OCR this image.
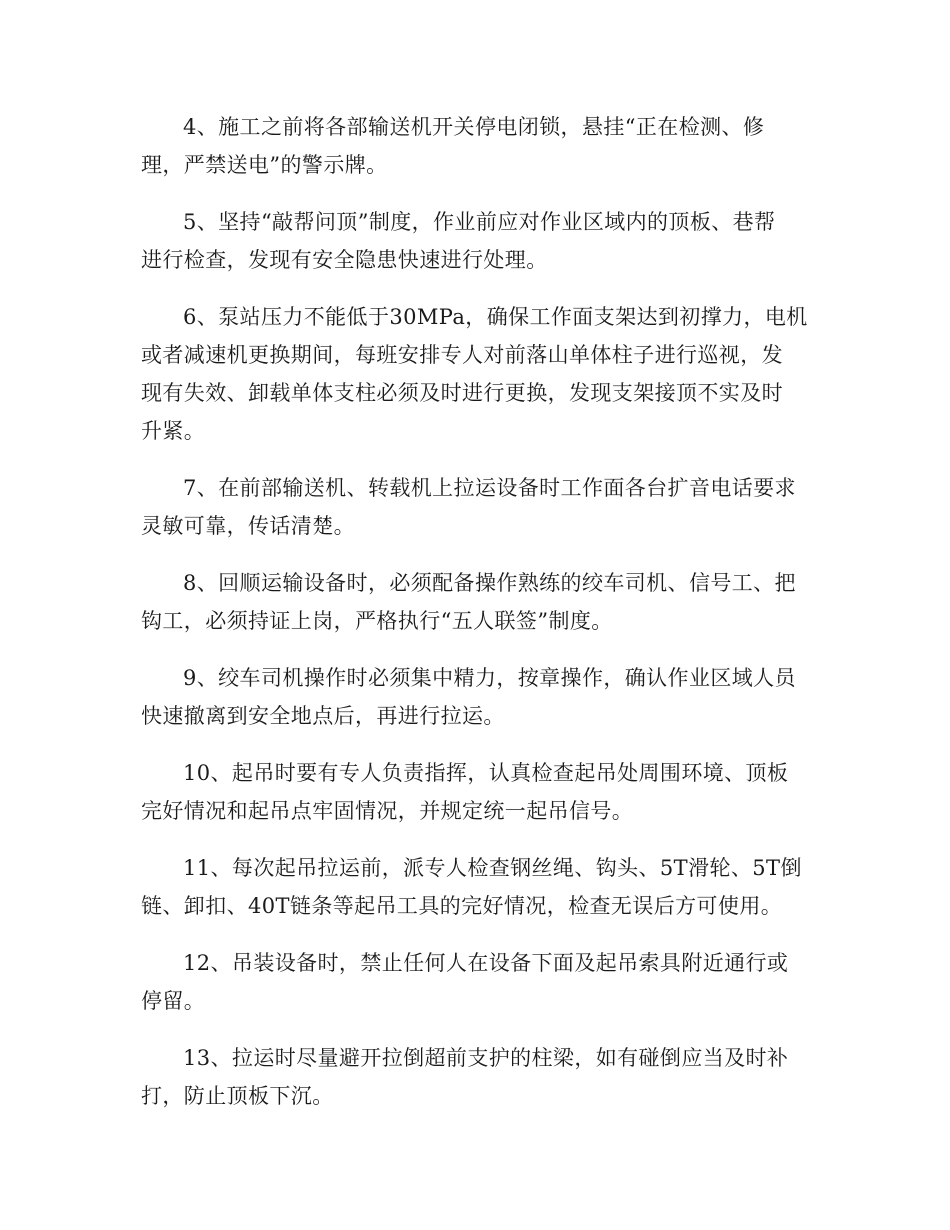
4、施工之前将各部输送机开关停电闭锁，悬挂“正在检测、修
理，严禁送电”的警示牌。

5、坚持“敲帮问顶”制度，作业前应对作业区域内的顶板、巷帮
进行检查，发现有安全隐患快速进行处理。

6、泵站压力不能低于30MPa，确保工作面支架达到初撑力，电机
或者减速机更换期间，每班安排专人对前落山单体柱子进行巡视，发
现有失效、卸载单体支柱必须及时进行更换，发现支架接顶不实及时
升紧。

7、在前部输送机、转载机上拉运设备时工作面各台扩音电话要求
灵敏可靠，传话清楚。

8、回顺运输设备时，必须配备操作熟练的绞车司机、信号工、把
钩工，必须持证上岗，严格执行“五人联签”制度。

9、绞车司机操作时必须集中精力，按章操作，确认作业区域人员
快速撤离到安全地点后，再进行拉运。

10、起吊时要有专人负责指挥，认真检查起吊处周围环境、顶板
完好情况和起吊点牢固情况，并规定统一起吊信号。

11、每次起吊拉运前，派专人检查钢丝绳、钩头、5T滑轮、5T倒
链、卸扣、40T链条等起吊工具的完好情况，检查无误后方可使用。

12、吊装设备时，禁止任何人在设备下面及起吊索具附近通行或
停留。

13、拉运时尽量避开拉倒超前支护的柱梁，如有碰倒应当及时补
打，防止顶板下沉。
